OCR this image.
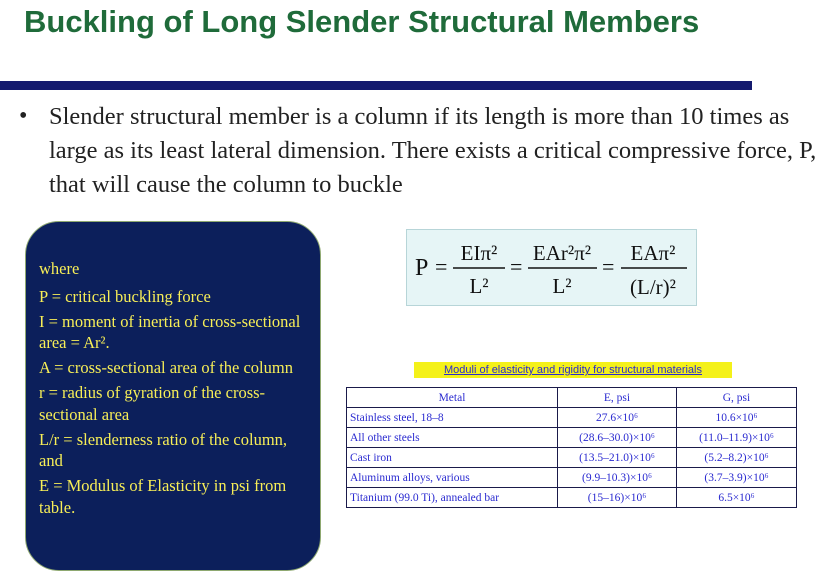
Buckling of Long Slender Structural Members
• Slender structural member is a column if its length is more than 10 times as large as its least lateral dimension. There exists a critical compressive force, P, that will cause the column to buckle

where

P = critical buckling force

I = moment of inertia of cross-sectional area = Ar².

A = cross-sectional area of the column

r = radius of gyration of the cross-sectional area

L/r = slenderness ratio of the column, and

E = Modulus of Elasticity in psi from table.

P =
EIπ²
L²
=
EAr²π²
L²
=
EAπ²
(L/r)²
Moduli of elasticity and rigidity for structural materials
Metal	E, psi	G, psi
Stainless steel, 18–8	27.6×10⁶	10.6×10⁶
All other steels	(28.6–30.0)×10⁶	(11.0–11.9)×10⁶
Cast iron	(13.5–21.0)×10⁶	(5.2–8.2)×10⁶
Aluminum alloys, various	(9.9–10.3)×10⁶	(3.7–3.9)×10⁶
Titanium (99.0 Ti), annealed bar	(15–16)×10⁶	6.5×10⁶
